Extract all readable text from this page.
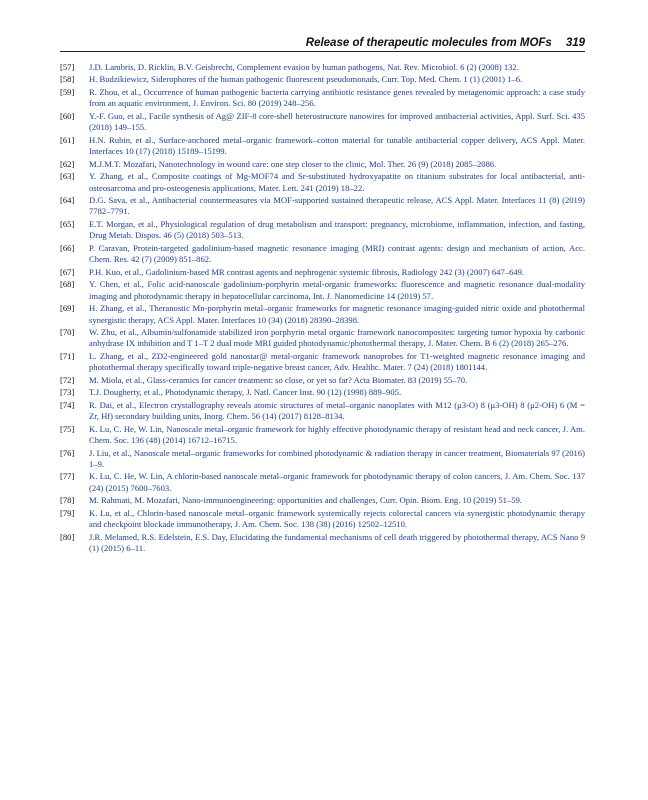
Release of therapeutic molecules from MOFs 319
[57] J.D. Lambris, D. Ricklin, B.V. Geisbrecht, Complement evasion by human pathogens, Nat. Rev. Microbiol. 6 (2) (2008) 132.
[58] H. Budzikiewicz, Siderophores of the human pathogenic fluorescent pseudomonads, Curr. Top. Med. Chem. 1 (1) (2001) 1–6.
[59] R. Zhou, et al., Occurrence of human pathogenic bacteria carrying antibiotic resistance genes revealed by metagenomic approach: a case study from an aquatic environment, J. Environ. Sci. 80 (2019) 248–256.
[60] Y.-F. Guo, et al., Facile synthesis of Ag@ ZIF-8 core-shell heterostructure nanowires for improved antibacterial activities, Appl. Surf. Sci. 435 (2018) 149–155.
[61] H.N. Rubin, et al., Surface-anchored metal–organic framework–cotton material for tunable antibacterial copper delivery, ACS Appl. Mater. Interfaces 10 (17) (2018) 15189–15199.
[62] M.J.M.T. Mozafari, Nanotechnology in wound care: one step closer to the clinic, Mol. Ther. 26 (9) (2018) 2085–2086.
[63] Y. Zhang, et al., Composite coatings of Mg-MOF74 and Sr-substituted hydroxyapatite on titanium substrates for local antibacterial, anti-osteosarcoma and pro-osteogenesis applications, Mater. Lett. 241 (2019) 18–22.
[64] D.G. Sava, et al., Antibacterial countermeasures via MOF-supported sustained therapeutic release, ACS Appl. Mater. Interfaces 11 (8) (2019) 7782–7791.
[65] E.T. Morgan, et al., Physiological regulation of drug metabolism and transport: pregnancy, microbiome, inflammation, infection, and fasting, Drug Metab. Dispos. 46 (5) (2018) 503–513.
[66] P. Caravan, Protein-targeted gadolinium-based magnetic resonance imaging (MRI) contrast agents: design and mechanism of action, Acc. Chem. Res. 42 (7) (2009) 851–862.
[67] P.H. Kuo, et al., Gadolinium-based MR contrast agents and nephrogenic systemic fibrosis, Radiology 242 (3) (2007) 647–649.
[68] Y. Chen, et al., Folic acid-nanoscale gadolinium-porphyrin metal-organic frameworks: fluorescence and magnetic resonance dual-modality imaging and photodynamic therapy in hepatocellular carcinoma, Int. J. Nanomedicine 14 (2019) 57.
[69] H. Zhang, et al., Theranostic Mn-porphyrin metal–organic frameworks for magnetic resonance imaging-guided nitric oxide and photothermal synergistic therapy, ACS Appl. Mater. Interfaces 10 (34) (2018) 28390–28398.
[70] W. Zhu, et al., Albumin/sulfonamide stabilized iron porphyrin metal organic framework nanocomposites: targeting tumor hypoxia by carbonic anhydrase IX inhibition and T 1–T 2 dual mode MRI guided photodynamic/photothermal therapy, J. Mater. Chem. B 6 (2) (2018) 265–276.
[71] L. Zhang, et al., ZD2-engineered gold nanostar@ metal-organic framework nanoprobes for T1-weighted magnetic resonance imaging and photothermal therapy specifically toward triple-negative breast cancer, Adv. Healthc. Mater. 7 (24) (2018) 1801144.
[72] M. Miola, et al., Glass-ceramics for cancer treatment: so close, or yet so far? Acta Biomater. 83 (2019) 55–70.
[73] T.J. Dougherty, et al., Photodynamic therapy, J. Natl. Cancer Inst. 90 (12) (1998) 889–905.
[74] R. Dai, et al., Electron crystallography reveals atomic structures of metal–organic nanoplates with M12 (μ3-O) 8 (μ3-OH) 8 (μ2-OH) 6 (M = Zr, Hf) secondary building units, Inorg. Chem. 56 (14) (2017) 8128–8134.
[75] K. Lu, C. He, W. Lin, Nanoscale metal–organic framework for highly effective photodynamic therapy of resistant head and neck cancer, J. Am. Chem. Soc. 136 (48) (2014) 16712–16715.
[76] J. Liu, et al., Nanoscale metal–organic frameworks for combined photodynamic & radiation therapy in cancer treatment, Biomaterials 97 (2016) 1–9.
[77] K. Lu, C. He, W. Lin, A chlorin-based nanoscale metal–organic framework for photodynamic therapy of colon cancers, J. Am. Chem. Soc. 137 (24) (2015) 7600–7603.
[78] M. Rahmati, M. Mozafari, Nano-immunoengineering: opportunities and challenges, Curr. Opin. Biom. Eng. 10 (2019) 51–59.
[79] K. Lu, et al., Chlorin-based nanoscale metal–organic framework systemically rejects colorectal cancers via synergistic photodynamic therapy and checkpoint blockade immunotherapy, J. Am. Chem. Soc. 138 (38) (2016) 12502–12510.
[80] J.R. Melamed, R.S. Edelstein, E.S. Day, Elucidating the fundamental mechanisms of cell death triggered by photothermal therapy, ACS Nano 9 (1) (2015) 6–11.
